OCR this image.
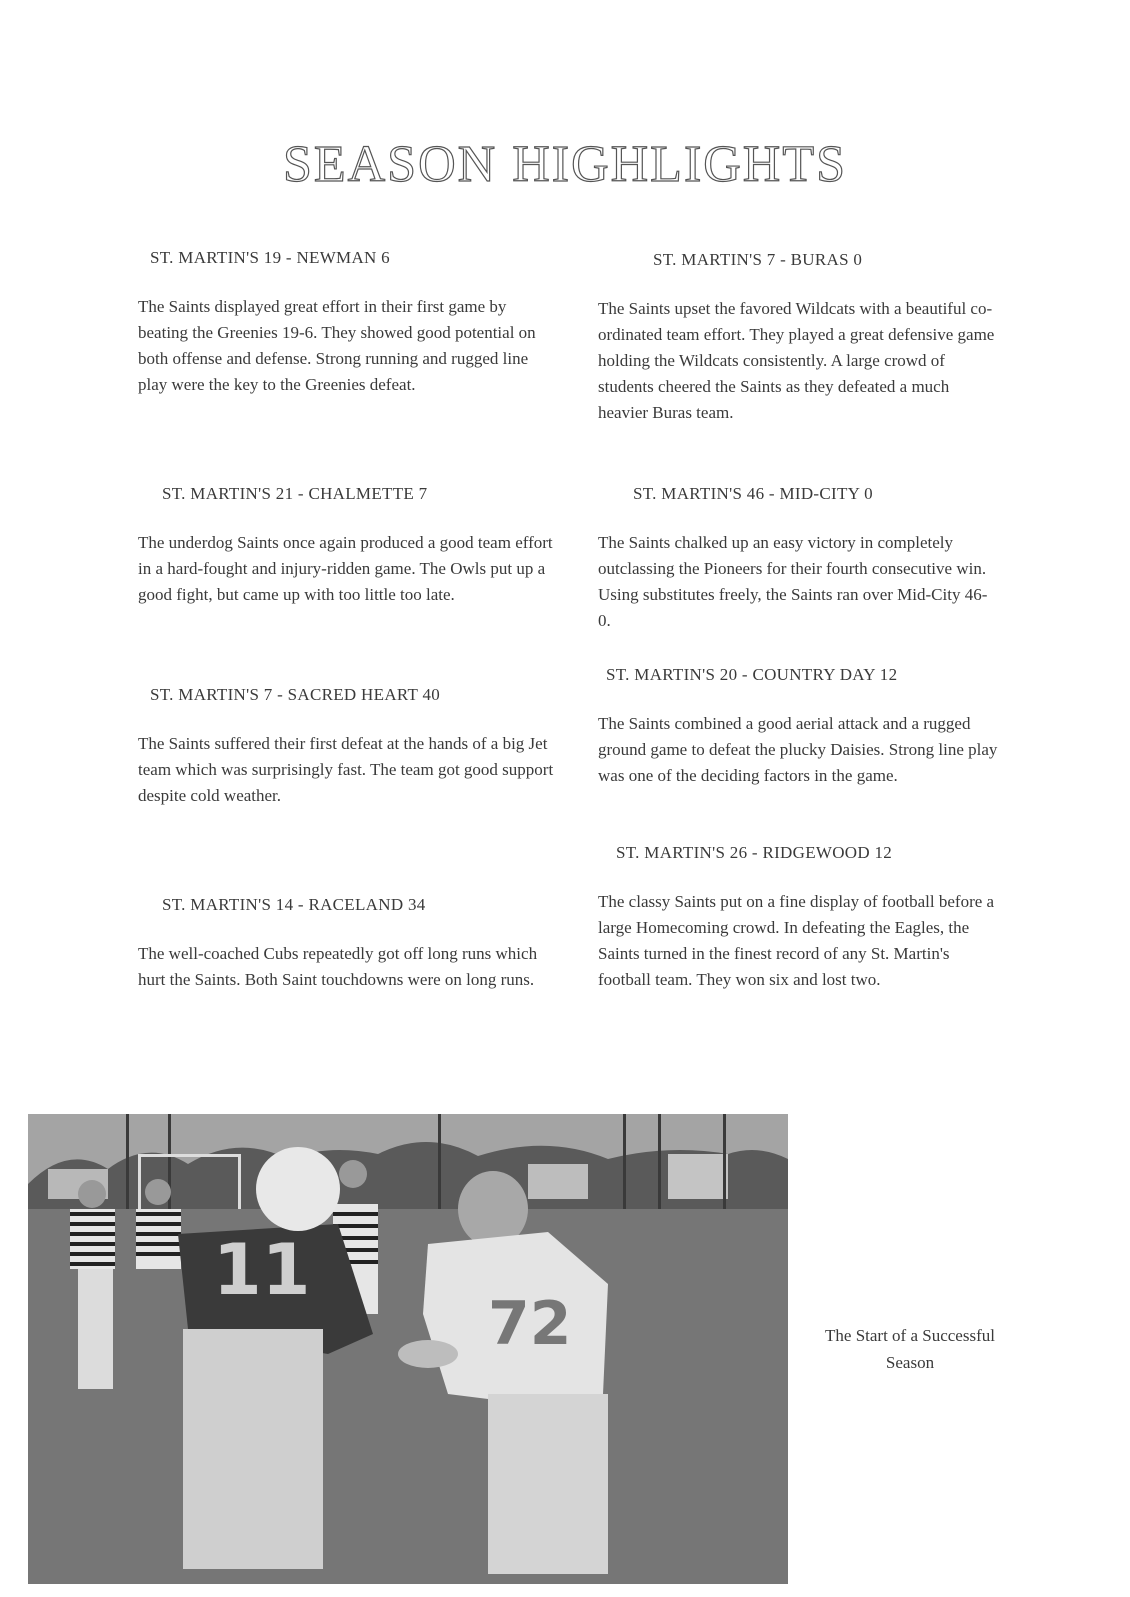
SEASON HIGHLIGHTS
ST. MARTIN'S 19 - NEWMAN 6

The Saints displayed great effort in their first game by beating the Greenies 19-6. They showed good potential on both offense and defense. Strong running and rugged line play were the key to the Greenies defeat.

ST. MARTIN'S 21 - CHALMETTE 7

The underdog Saints once again produced a good team effort in a hard-fought and injury-ridden game. The Owls put up a good fight, but came up with too little too late.

ST. MARTIN'S 7 - SACRED HEART 40

The Saints suffered their first defeat at the hands of a big Jet team which was surprisingly fast. The team got good support despite cold weather.

ST. MARTIN'S 14 - RACELAND 34

The well-coached Cubs repeatedly got off long runs which hurt the Saints. Both Saint touchdowns were on long runs.

ST. MARTIN'S 7 - BURAS 0

The Saints upset the favored Wildcats with a beautiful co-ordinated team effort. They played a great defensive game holding the Wildcats consistently. A large crowd of students cheered the Saints as they defeated a much heavier Buras team.

ST. MARTIN'S 46 - MID-CITY 0

The Saints chalked up an easy victory in completely outclassing the Pioneers for their fourth consecutive win. Using substitutes freely, the Saints ran over Mid-City 46-0.

ST. MARTIN'S 20 - COUNTRY DAY 12

The Saints combined a good aerial attack and a rugged ground game to defeat the plucky Daisies. Strong line play was one of the deciding factors in the game.

ST. MARTIN'S 26 - RIDGEWOOD 12

The classy Saints put on a fine display of football before a large Homecoming crowd. In defeating the Eagles, the Saints turned in the finest record of any St. Martin's football team. They won six and lost two.

11
72	The Start of a Successful Season
